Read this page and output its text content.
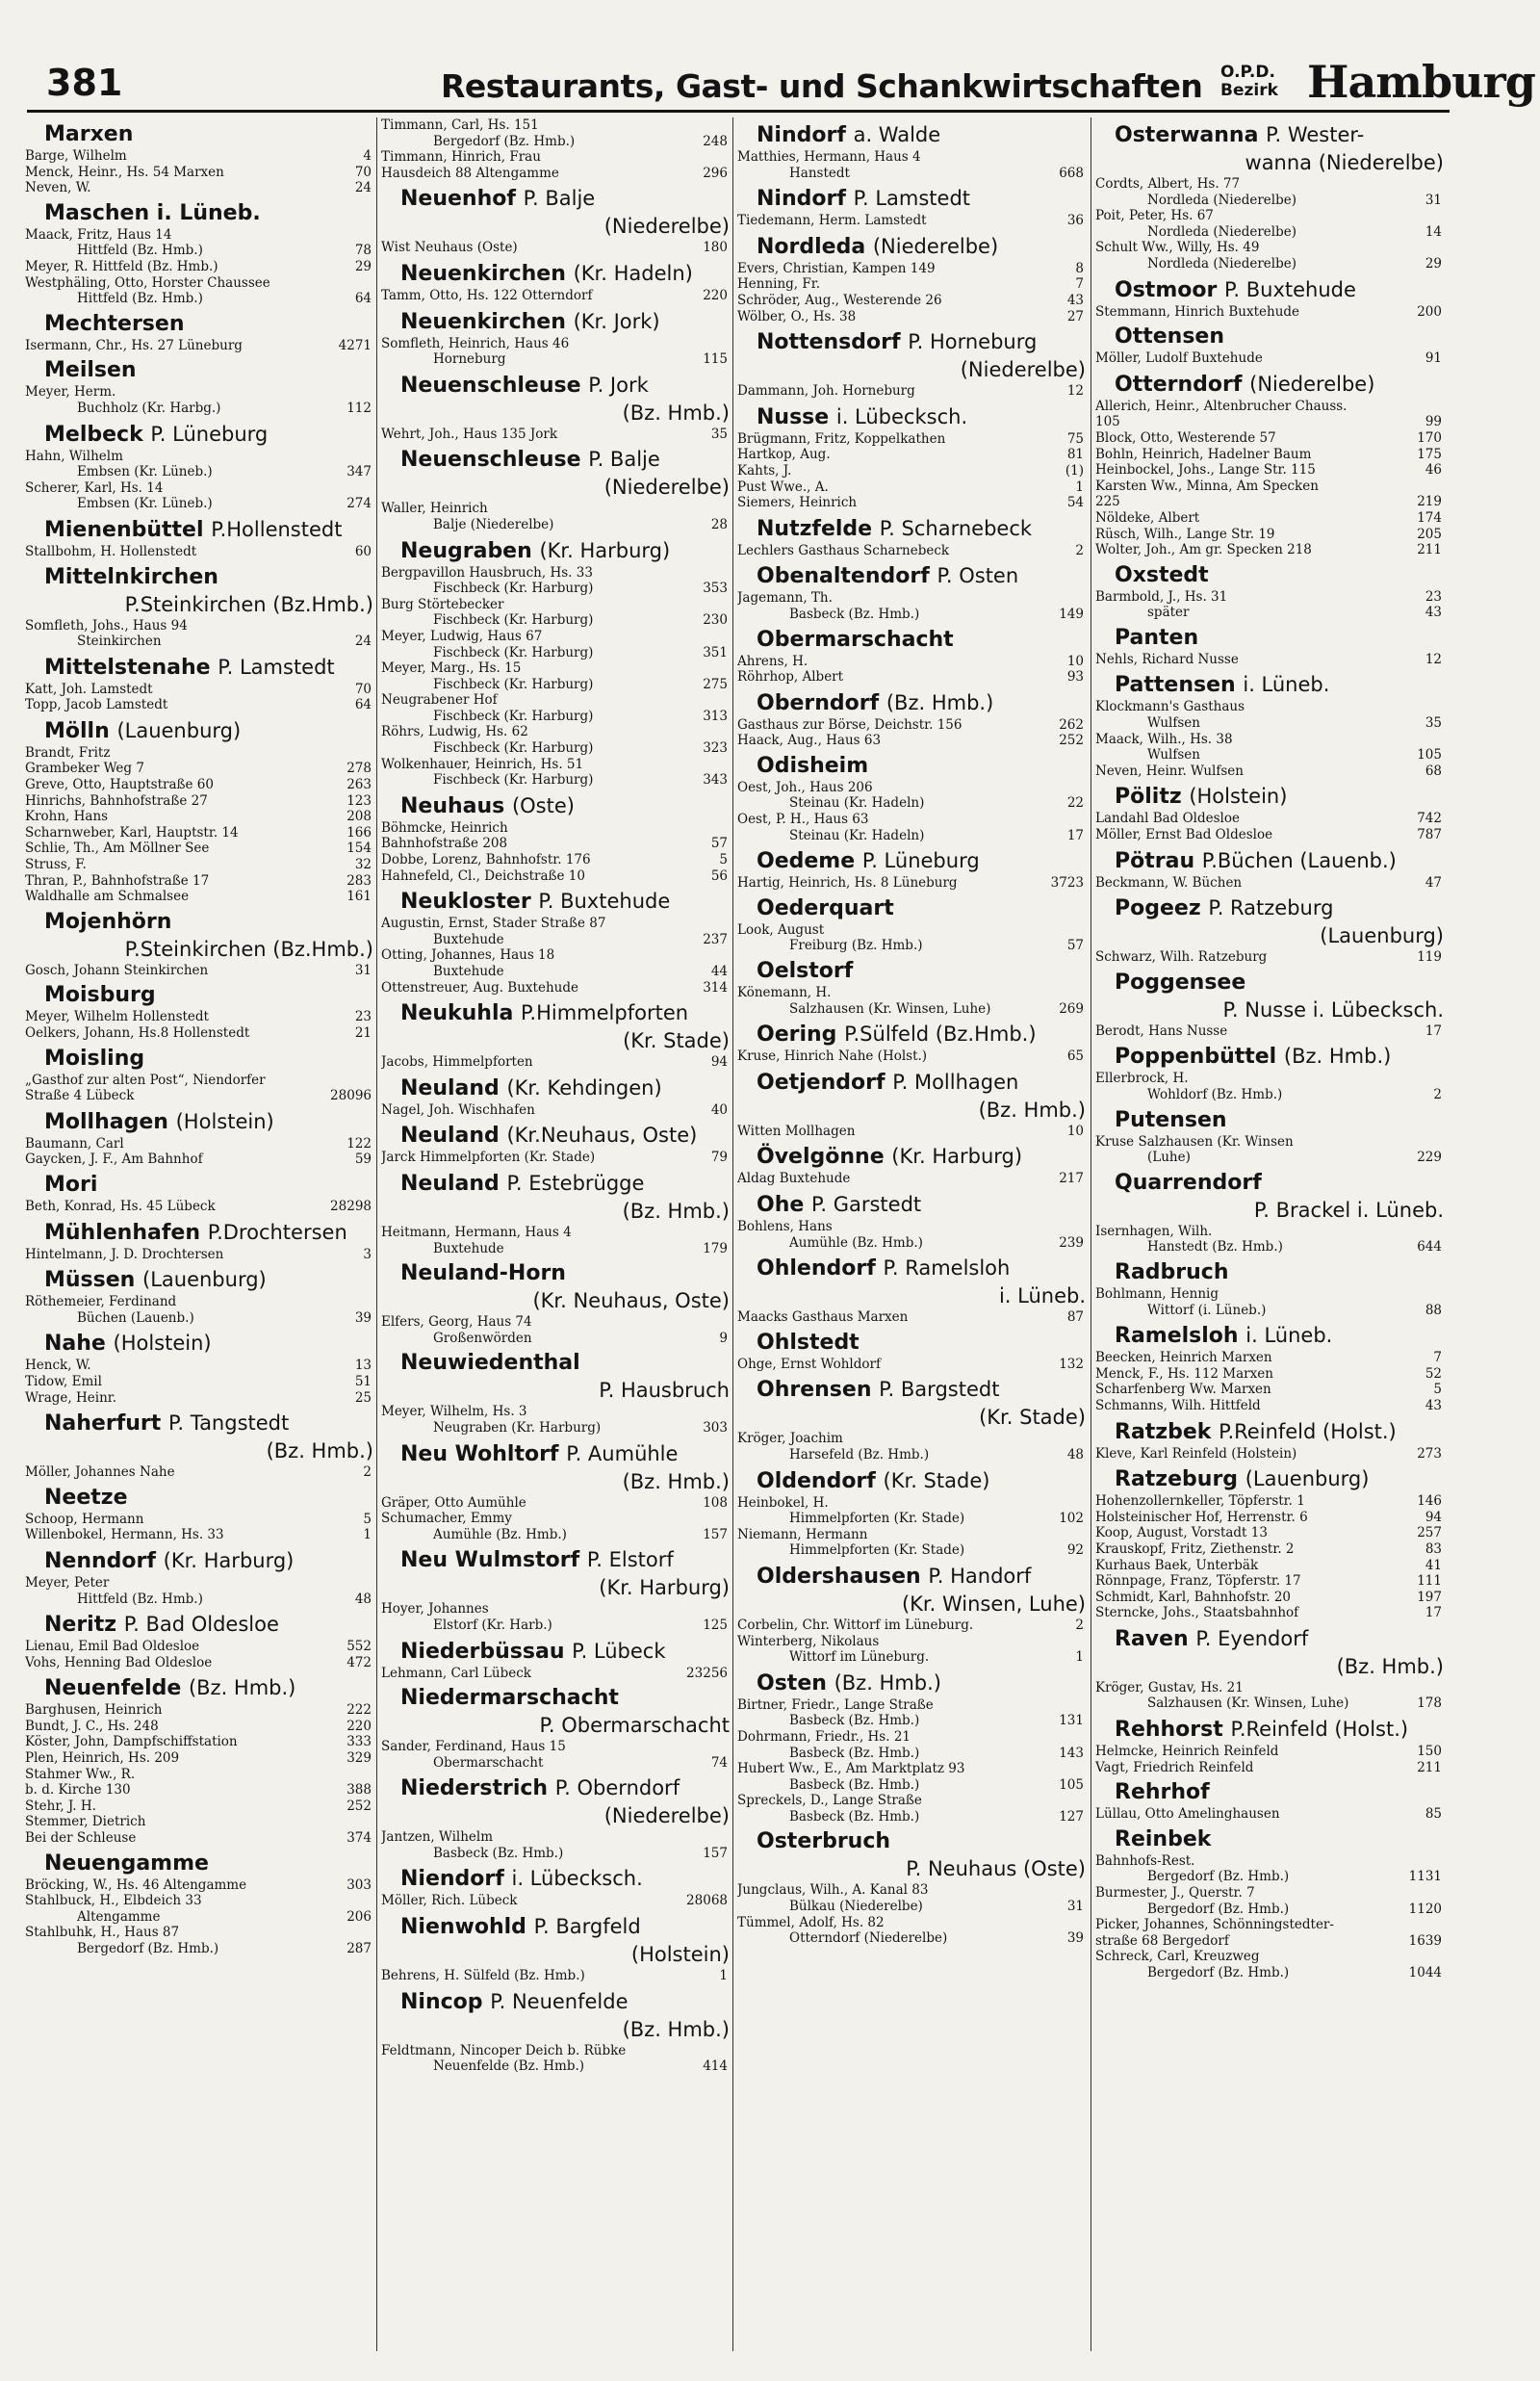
381	Restaurants, Gast- und Schankwirtschaften O.P.D.
Bezirk Hamburg
Marxen
Barge, Wilhelm	4
Menck, Heinr., Hs. 54 Marxen	70
Neven, W.	24
Maschen i. Lüneb.
Maack, Fritz, Haus 14
Hittfeld (Bz. Hmb.)	78
Meyer, R. Hittfeld (Bz. Hmb.)	29
Westphäling, Otto, Horster Chaussee
Hittfeld (Bz. Hmb.)	64
Mechtersen
Isermann, Chr., Hs. 27 Lüneburg	4271
Meilsen
Meyer, Herm.
Buchholz (Kr. Harbg.)	112
Melbeck P. Lüneburg
Hahn, Wilhelm
Embsen (Kr. Lüneb.)	347
Scherer, Karl, Hs. 14
Embsen (Kr. Lüneb.)	274
Mienenbüttel P.Hollenstedt
Stallbohm, H. Hollenstedt	60
Mittelnkirchen
P.Steinkirchen (Bz.Hmb.)
Somfleth, Johs., Haus 94
Steinkirchen	24
Mittelstenahe P. Lamstedt
Katt, Joh. Lamstedt	70
Topp, Jacob Lamstedt	64
Mölln (Lauenburg)
Brandt, Fritz
Grambeker Weg 7	278
Greve, Otto, Hauptstraße 60	263
Hinrichs, Bahnhofstraße 27	123
Krohn, Hans	208
Scharnweber, Karl, Hauptstr. 14	166
Schlie, Th., Am Möllner See	154
Struss, F.	32
Thran, P., Bahnhofstraße 17	283
Waldhalle am Schmalsee	161
Mojenhörn
P.Steinkirchen (Bz.Hmb.)
Gosch, Johann Steinkirchen	31
Moisburg
Meyer, Wilhelm Hollenstedt	23
Oelkers, Johann, Hs.8 Hollenstedt	21
Moisling
„Gasthof zur alten Post“, Niendorfer
Straße 4 Lübeck	28096
Mollhagen (Holstein)
Baumann, Carl	122
Gaycken, J. F., Am Bahnhof	59
Mori
Beth, Konrad, Hs. 45 Lübeck	28298
Mühlenhafen P.Drochtersen
Hintelmann, J. D. Drochtersen	3
Müssen (Lauenburg)
Röthemeier, Ferdinand
Büchen (Lauenb.)	39
Nahe (Holstein)
Henck, W.	13
Tidow, Emil	51
Wrage, Heinr.	25
Naherfurt P. Tangstedt
(Bz. Hmb.)
Möller, Johannes Nahe	2
Neetze
Schoop, Hermann	5
Willenbokel, Hermann, Hs. 33	1
Nenndorf (Kr. Harburg)
Meyer, Peter
Hittfeld (Bz. Hmb.)	48
Neritz P. Bad Oldesloe
Lienau, Emil Bad Oldesloe	552
Vohs, Henning Bad Oldesloe	472
Neuenfelde (Bz. Hmb.)
Barghusen, Heinrich	222
Bundt, J. C., Hs. 248	220
Köster, John, Dampfschiffstation	333
Plen, Heinrich, Hs. 209	329
Stahmer Ww., R.
b. d. Kirche 130	388
Stehr, J. H.	252
Stemmer, Dietrich
Bei der Schleuse	374
Neuengamme
Bröcking, W., Hs. 46 Altengamme	303
Stahlbuck, H., Elbdeich 33
Altengamme	206
Stahlbuhk, H., Haus 87
Bergedorf (Bz. Hmb.)	287
Timmann, Carl, Hs. 151
Bergedorf (Bz. Hmb.)	248
Timmann, Hinrich, Frau
Hausdeich 88 Altengamme	296
Neuenhof P. Balje
(Niederelbe)
Wist Neuhaus (Oste)	180
Neuenkirchen (Kr. Hadeln)
Tamm, Otto, Hs. 122 Otterndorf	220
Neuenkirchen (Kr. Jork)
Somfleth, Heinrich, Haus 46
Horneburg	115
Neuenschleuse P. Jork
(Bz. Hmb.)
Wehrt, Joh., Haus 135 Jork	35
Neuenschleuse P. Balje
(Niederelbe)
Waller, Heinrich
Balje (Niederelbe)	28
Neugraben (Kr. Harburg)
Bergpavillon Hausbruch, Hs. 33
Fischbeck (Kr. Harburg)	353
Burg Störtebecker
Fischbeck (Kr. Harburg)	230
Meyer, Ludwig, Haus 67
Fischbeck (Kr. Harburg)	351
Meyer, Marg., Hs. 15
Fischbeck (Kr. Harburg)	275
Neugrabener Hof
Fischbeck (Kr. Harburg)	313
Röhrs, Ludwig, Hs. 62
Fischbeck (Kr. Harburg)	323
Wolkenhauer, Heinrich, Hs. 51
Fischbeck (Kr. Harburg)	343
Neuhaus (Oste)
Böhmcke, Heinrich
Bahnhofstraße 208	57
Dobbe, Lorenz, Bahnhofstr. 176	5
Hahnefeld, Cl., Deichstraße 10	56
Neukloster P. Buxtehude
Augustin, Ernst, Stader Straße 87
Buxtehude	237
Otting, Johannes, Haus 18
Buxtehude	44
Ottenstreuer, Aug. Buxtehude	314
Neukuhla P.Himmelpforten
(Kr. Stade)
Jacobs, Himmelpforten	94
Neuland (Kr. Kehdingen)
Nagel, Joh. Wischhafen	40
Neuland (Kr.Neuhaus, Oste)
Jarck Himmelpforten (Kr. Stade)	79
Neuland P. Estebrügge
(Bz. Hmb.)
Heitmann, Hermann, Haus 4
Buxtehude	179
Neuland-Horn
(Kr. Neuhaus, Oste)
Elfers, Georg, Haus 74
Großenwörden	9
Neuwiedenthal
P. Hausbruch
Meyer, Wilhelm, Hs. 3
Neugraben (Kr. Harburg)	303
Neu Wohltorf P. Aumühle
(Bz. Hmb.)
Gräper, Otto Aumühle	108
Schumacher, Emmy
Aumühle (Bz. Hmb.)	157
Neu Wulmstorf P. Elstorf
(Kr. Harburg)
Hoyer, Johannes
Elstorf (Kr. Harb.)	125
Niederbüssau P. Lübeck
Lehmann, Carl Lübeck	23256
Niedermarschacht
P. Obermarschacht
Sander, Ferdinand, Haus 15
Obermarschacht	74
Niederstrich P. Oberndorf
(Niederelbe)
Jantzen, Wilhelm
Basbeck (Bz. Hmb.)	157
Niendorf i. Lübecksch.
Möller, Rich. Lübeck	28068
Nienwohld P. Bargfeld
(Holstein)
Behrens, H. Sülfeld (Bz. Hmb.)	1
Nincop P. Neuenfelde
(Bz. Hmb.)
Feldtmann, Nincoper Deich b. Rübke
Neuenfelde (Bz. Hmb.)	414
Nindorf a. Walde
Matthies, Hermann, Haus 4
Hanstedt	668
Nindorf P. Lamstedt
Tiedemann, Herm. Lamstedt	36
Nordleda (Niederelbe)
Evers, Christian, Kampen 149	8
Henning, Fr.	7
Schröder, Aug., Westerende 26	43
Wölber, O., Hs. 38	27
Nottensdorf P. Horneburg
(Niederelbe)
Dammann, Joh. Horneburg	12
Nusse i. Lübecksch.
Brügmann, Fritz, Koppelkathen	75
Hartkop, Aug.	81
Kahts, J.	(1)
Pust Wwe., A.	1
Siemers, Heinrich	54
Nutzfelde P. Scharnebeck
Lechlers Gasthaus Scharnebeck	2
Obenaltendorf P. Osten
Jagemann, Th.
Basbeck (Bz. Hmb.)	149
Obermarschacht
Ahrens, H.	10
Röhrhop, Albert	93
Oberndorf (Bz. Hmb.)
Gasthaus zur Börse, Deichstr. 156	262
Haack, Aug., Haus 63	252
Odisheim
Oest, Joh., Haus 206
Steinau (Kr. Hadeln)	22
Oest, P. H., Haus 63
Steinau (Kr. Hadeln)	17
Oedeme P. Lüneburg
Hartig, Heinrich, Hs. 8 Lüneburg	3723
Oederquart
Look, August
Freiburg (Bz. Hmb.)	57
Oelstorf
Könemann, H.
Salzhausen (Kr. Winsen, Luhe)	269
Oering P.Sülfeld (Bz.Hmb.)
Kruse, Hinrich Nahe (Holst.)	65
Oetjendorf P. Mollhagen
(Bz. Hmb.)
Witten Mollhagen	10
Övelgönne (Kr. Harburg)
Aldag Buxtehude	217
Ohe P. Garstedt
Bohlens, Hans
Aumühle (Bz. Hmb.)	239
Ohlendorf P. Ramelsloh
i. Lüneb.
Maacks Gasthaus Marxen	87
Ohlstedt
Ohge, Ernst Wohldorf	132
Ohrensen P. Bargstedt
(Kr. Stade)
Kröger, Joachim
Harsefeld (Bz. Hmb.)	48
Oldendorf (Kr. Stade)
Heinbokel, H.
Himmelpforten (Kr. Stade)	102
Niemann, Hermann
Himmelpforten (Kr. Stade)	92
Oldershausen P. Handorf
(Kr. Winsen, Luhe)
Corbelin, Chr. Wittorf im Lüneburg.	2
Winterberg, Nikolaus
Wittorf im Lüneburg.	1
Osten (Bz. Hmb.)
Birtner, Friedr., Lange Straße
Basbeck (Bz. Hmb.)	131
Dohrmann, Friedr., Hs. 21
Basbeck (Bz. Hmb.)	143
Hubert Ww., E., Am Marktplatz 93
Basbeck (Bz. Hmb.)	105
Spreckels, D., Lange Straße
Basbeck (Bz. Hmb.)	127
Osterbruch
P. Neuhaus (Oste)
Jungclaus, Wilh., A. Kanal 83
Bülkau (Niederelbe)	31
Tümmel, Adolf, Hs. 82
Otterndorf (Niederelbe)	39
Osterwanna P. Wester-
wanna (Niederelbe)
Cordts, Albert, Hs. 77
Nordleda (Niederelbe)	31
Poit, Peter, Hs. 67
Nordleda (Niederelbe)	14
Schult Ww., Willy, Hs. 49
Nordleda (Niederelbe)	29
Ostmoor P. Buxtehude
Stemmann, Hinrich Buxtehude	200
Ottensen
Möller, Ludolf Buxtehude	91
Otterndorf (Niederelbe)
Allerich, Heinr., Altenbrucher Chauss.
105	99
Block, Otto, Westerende 57	170
Bohln, Heinrich, Hadelner Baum	175
Heinbockel, Johs., Lange Str. 115	46
Karsten Ww., Minna, Am Specken
225	219
Nöldeke, Albert	174
Rüsch, Wilh., Lange Str. 19	205
Wolter, Joh., Am gr. Specken 218	211
Oxstedt
Barmbold, J., Hs. 31	23
später	43
Panten
Nehls, Richard Nusse	12
Pattensen i. Lüneb.
Klockmann's Gasthaus
Wulfsen	35
Maack, Wilh., Hs. 38
Wulfsen	105
Neven, Heinr. Wulfsen	68
Pölitz (Holstein)
Landahl Bad Oldesloe	742
Möller, Ernst Bad Oldesloe	787
Pötrau P.Büchen (Lauenb.)
Beckmann, W. Büchen	47
Pogeez P. Ratzeburg
(Lauenburg)
Schwarz, Wilh. Ratzeburg	119
Poggensee
P. Nusse i. Lübecksch.
Berodt, Hans Nusse	17
Poppenbüttel (Bz. Hmb.)
Ellerbrock, H.
Wohldorf (Bz. Hmb.)	2
Putensen
Kruse Salzhausen (Kr. Winsen
(Luhe)	229
Quarrendorf
P. Brackel i. Lüneb.
Isernhagen, Wilh.
Hanstedt (Bz. Hmb.)	644
Radbruch
Bohlmann, Hennig
Wittorf (i. Lüneb.)	88
Ramelsloh i. Lüneb.
Beecken, Heinrich Marxen	7
Menck, F., Hs. 112 Marxen	52
Scharfenberg Ww. Marxen	5
Schmanns, Wilh. Hittfeld	43
Ratzbek P.Reinfeld (Holst.)
Kleve, Karl Reinfeld (Holstein)	273
Ratzeburg (Lauenburg)
Hohenzollernkeller, Töpferstr. 1	146
Holsteinischer Hof, Herrenstr. 6	94
Koop, August, Vorstadt 13	257
Krauskopf, Fritz, Ziethenstr. 2	83
Kurhaus Baek, Unterbäk	41
Rönnpage, Franz, Töpferstr. 17	111
Schmidt, Karl, Bahnhofstr. 20	197
Sterncke, Johs., Staatsbahnhof	17
Raven P. Eyendorf
(Bz. Hmb.)
Kröger, Gustav, Hs. 21
Salzhausen (Kr. Winsen, Luhe)	178
Rehhorst P.Reinfeld (Holst.)
Helmcke, Heinrich Reinfeld	150
Vagt, Friedrich Reinfeld	211
Rehrhof
Lüllau, Otto Amelinghausen	85
Reinbek
Bahnhofs-Rest.
Bergedorf (Bz. Hmb.)	1131
Burmester, J., Querstr. 7
Bergedorf (Bz. Hmb.)	1120
Picker, Johannes, Schönningstedter-
straße 68 Bergedorf	1639
Schreck, Carl, Kreuzweg
Bergedorf (Bz. Hmb.)	1044
